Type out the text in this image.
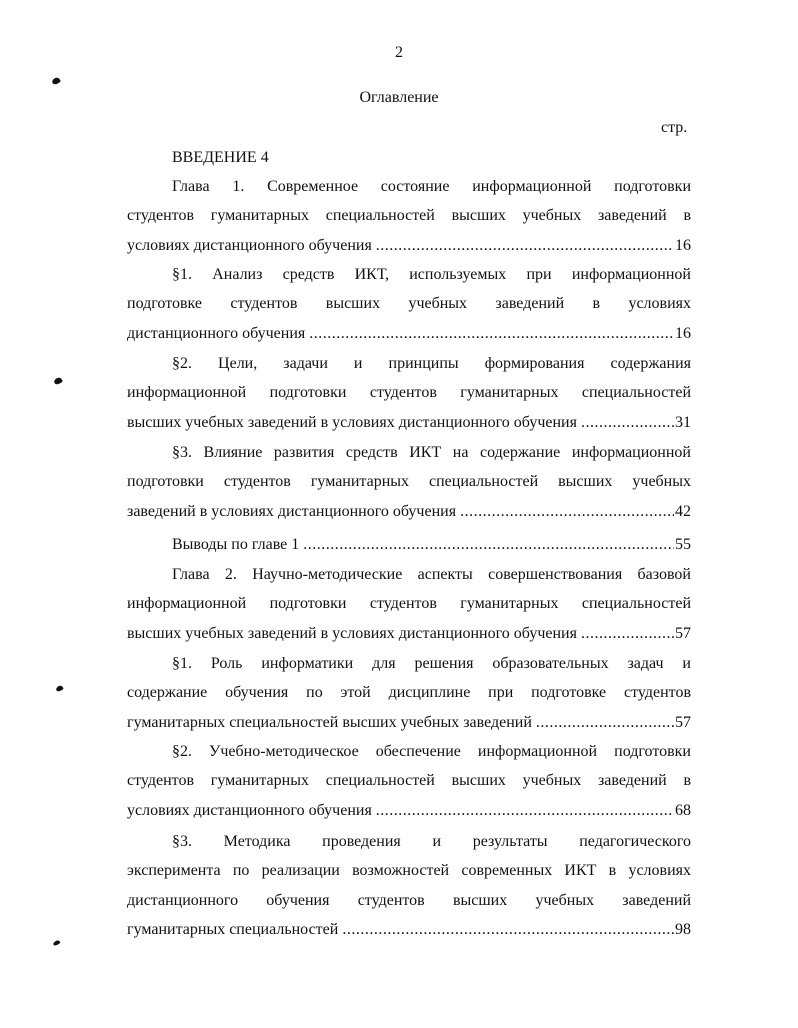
2
Оглавление
стр.
ВВЕДЕНИЕ 4
Глава 1. Современное состояние информационной подготовки
студентов гуманитарных специальностей высших учебных заведений в
условиях дистанционного обучения .....	16
§1. Анализ средств ИКТ, используемых при информационной
подготовке студентов высших учебных заведений в условиях
дистанционного обучения .....	16
§2. Цели, задачи и принципы формирования содержания
информационной подготовки студентов гуманитарных специальностей
высших учебных заведений в условиях дистанционного обучения .....	31
§3. Влияние развития средств ИКТ на содержание информационной
подготовки студентов гуманитарных специальностей высших учебных
заведений в условиях дистанционного обучения .....	42
Выводы по главе 1 .....	55
Глава 2. Научно-методические аспекты совершенствования базовой
информационной подготовки студентов гуманитарных специальностей
высших учебных заведений в условиях дистанционного обучения .....	57
§1. Роль информатики для решения образовательных задач и
содержание обучения по этой дисциплине при подготовке студентов
гуманитарных специальностей высших учебных заведений .....	57
§2. Учебно-методическое обеспечение информационной подготовки
студентов гуманитарных специальностей высших учебных заведений в
условиях дистанционного обучения .....	68
§3. Методика проведения и результаты педагогического
эксперимента по реализации возможностей современных ИКТ в условиях
дистанционного обучения студентов высших учебных заведений
гуманитарных специальностей .....	98
